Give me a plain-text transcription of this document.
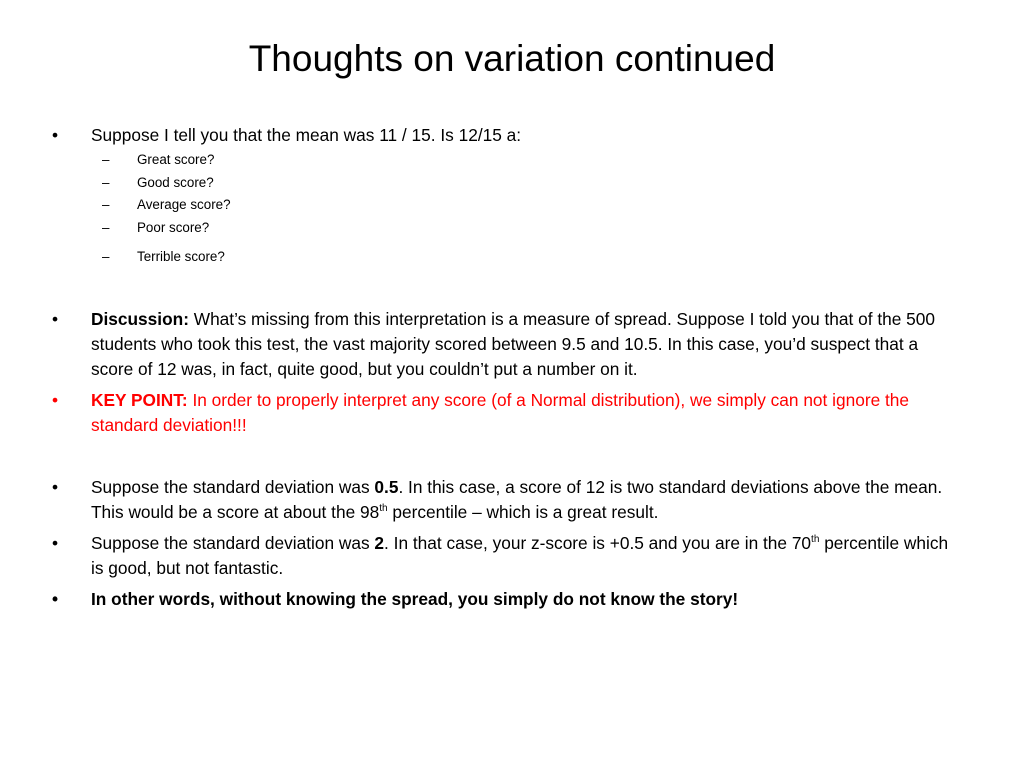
Thoughts on variation continued
• Suppose I tell you that the mean was 11 / 15. Is 12/15 a:
– Great score?
– Good score?
– Average score?
– Poor score?
– Terrible score?
• Discussion: What’s missing from this interpretation is a measure of spread. Suppose I told you that of the 500 students who took this test, the vast majority scored between 9.5 and 10.5. In this case, you’d suspect that a score of 12 was, in fact, quite good, but you couldn’t put a number on it.
• KEY POINT: In order to properly interpret any score (of a Normal distribution), we simply can not ignore the standard deviation!!!
• Suppose the standard deviation was 0.5. In this case, a score of 12 is two standard deviations above the mean. This would be a score at about the 98th percentile – which is a great result.
• Suppose the standard deviation was 2. In that case, your z-score is +0.5 and you are in the 70th percentile which is good, but not fantastic.
• In other words, without knowing the spread, you simply do not know the story!
